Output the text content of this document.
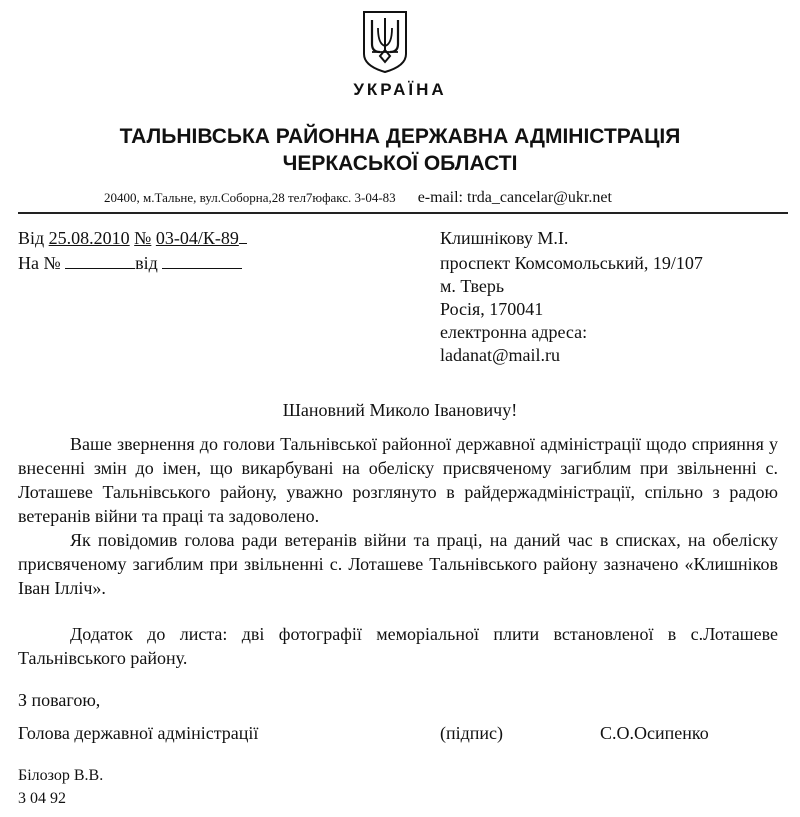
УКРАЇНА
ТАЛЬНІВСЬКА РАЙОННА ДЕРЖАВНА АДМІНІСТРАЦІЯ
ЧЕРКАСЬКОЇ ОБЛАСТІ
20400, м.Тальне, вул.Соборна,28 тел7юфакс. 3-04-83 e-mail: trda_cancelar@ukr.net
Від 25.08.2010 № 03-04/К-89
На №	від
Клишнікову М.І.
проспект Комсомольський, 19/107
м. Тверь
Росія, 170041
електронна адреса:
ladanat@mail.ru
Шановний Миколо Івановичу!

Ваше звернення до голови Тальнівської районної державної адміністрації щодо сприяння у внесенні змін до імен, що викарбувані на обеліску присвяченому загиблим при звільненні с. Лоташеве Тальнівського району, уважно розглянуто в райдержадміністрації, спільно з радою ветеранів війни та праці та задоволено.

Як повідомив голова ради ветеранів війни та праці, на даний час в списках, на обеліску присвяченому загиблим при звільненні с. Лоташеве Тальнівського району зазначено «Клишніков Іван Ілліч».

Додаток до листа: дві фотографії меморіальної плити встановленої в с.Лоташеве Тальнівського району.

З повагою,
Голова державної адміністрації	(підпис)	С.О.Осипенко
Білозор В.В.
3 04 92
